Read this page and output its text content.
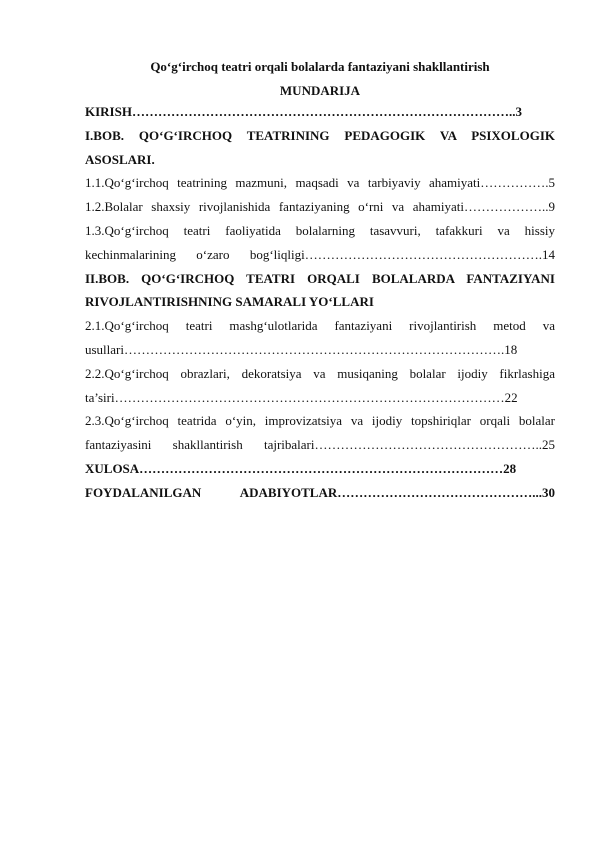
Qo‘g‘irchoq teatri orqali bolalarda fantaziyani shakllantirish
MUNDARIJA
KIRISH……………………………………………………………………………..3
I.BOB. QO‘G‘IRCHOQ TEATRINING PEDAGOGIK VA PSIXOLOGIK
ASOSLARI.
1.1.Qo‘g‘irchoq teatrining mazmuni, maqsadi va tarbiyaviy ahamiyati…………….5
1.2.Bolalar shaxsiy rivojlanishida fantaziyaning o‘rni va ahamiyati………………..9
1.3.Qo‘g‘irchoq teatri faoliyatida bolalarning tasavvuri, tafakkuri va hissiy
kechinmalarining o‘zaro bog‘liqligi……………………………………………….14
II.BOB. QO‘G‘IRCHOQ TEATRI ORQALI BOLALARDA FANTAZIYANI
RIVOJLANTIRISHNING SAMARALI YO‘LLARI
2.1.Qo‘g‘irchoq teatri mashg‘ulotlarida fantaziyani rivojlantirish metod va
usullari…………………………………………………………………………….18
2.2.Qo‘g‘irchoq obrazlari, dekoratsiya va musiqaning bolalar ijodiy fikrlashiga
ta’siri………………………………………………………………………………22
2.3.Qo‘g‘irchoq teatrida o‘yin, improvizatsiya va ijodiy topshiriqlar orqali bolalar
fantaziyasini shakllantirish tajribalari……………………………………………..25
XULOSA…………………………………………………………………………28
FOYDALANILGAN ADABIYOTLAR………………………………………...30
